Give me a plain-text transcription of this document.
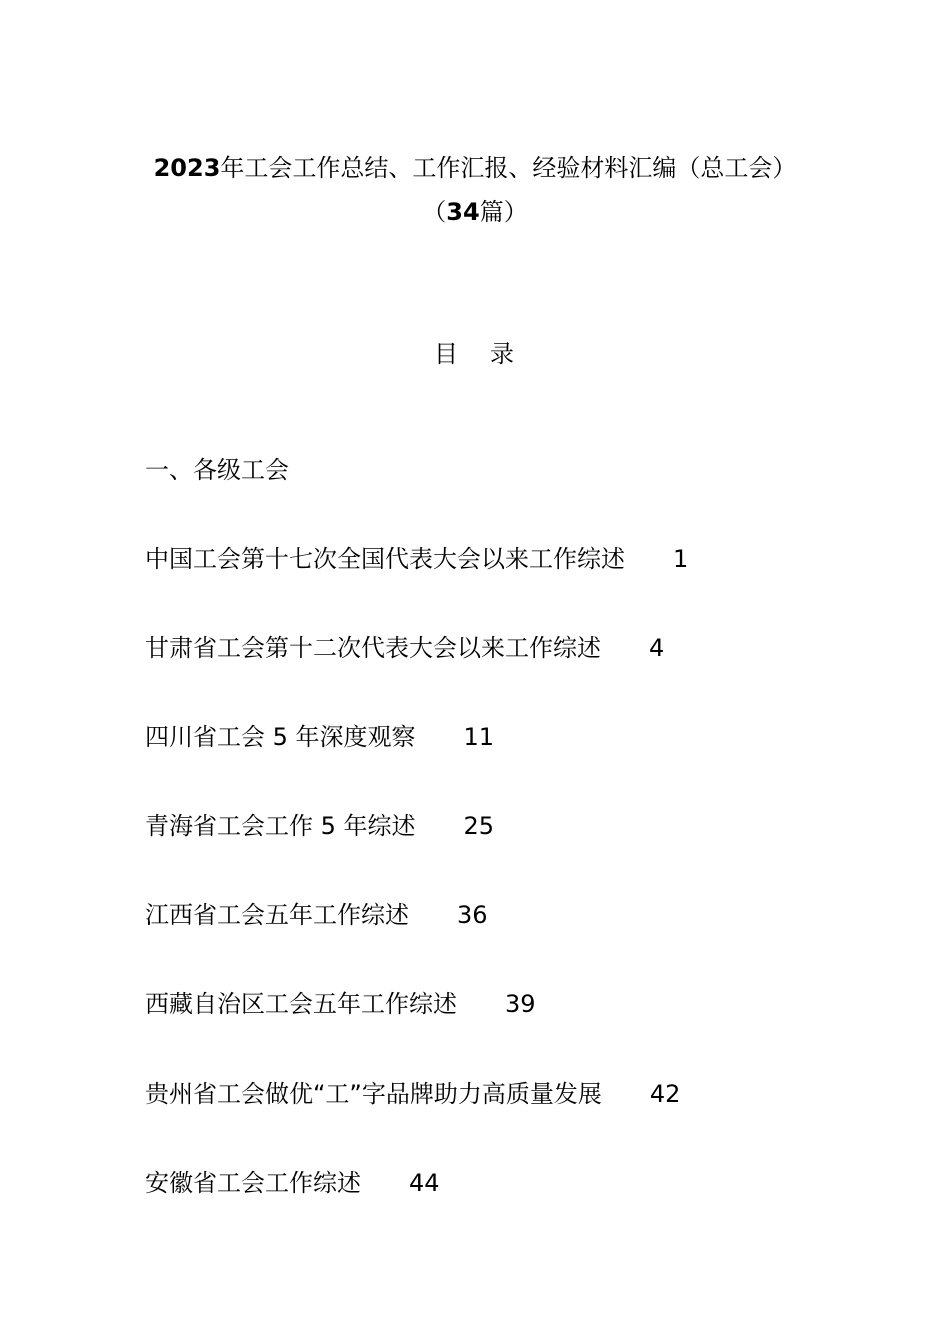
2023年工会工作总结、工作汇报、经验材料汇编（总工会）（34篇）
目 录
一、各级工会
中国工会第十七次全国代表大会以来工作综述 1
甘肃省工会第十二次代表大会以来工作综述 4
四川省工会 5 年深度观察 11
青海省工会工作 5 年综述 25
江西省工会五年工作综述 36
西藏自治区工会五年工作综述 39
贵州省工会做优“工”字品牌助力高质量发展 42
安徽省工会工作综述 44
